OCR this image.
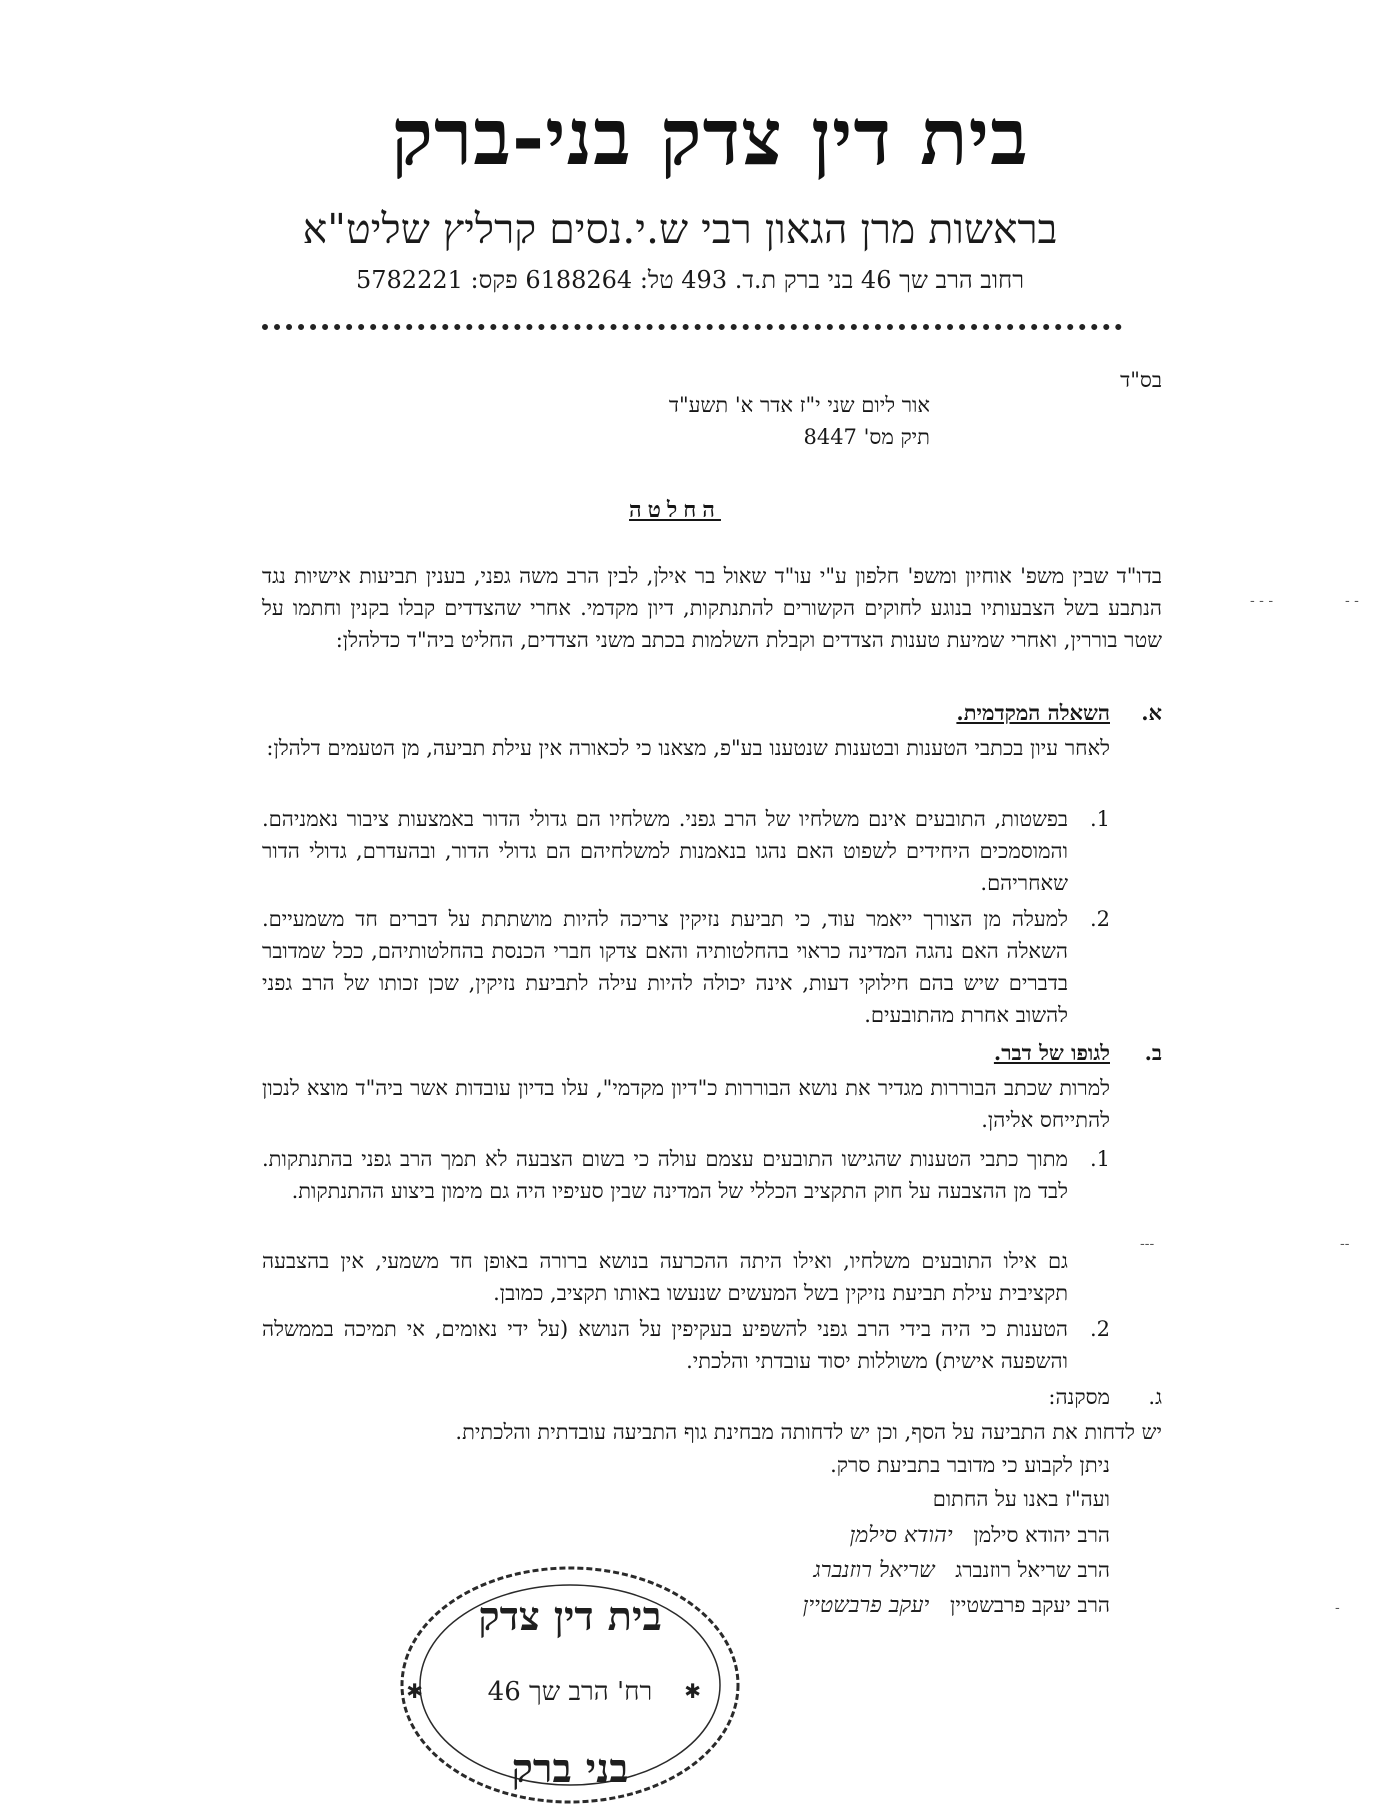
בית דין צדק בני-ברק
בראשות מרן הגאון רבי ש.י.נסים קרליץ שליט"א
רחוב הרב שך 46 בני ברק ת.ד. 493 טל: 6188264 פקס: 5782221
בס"ד
אור ליום שני י"ז אדר א' תשע"ד
תיק מס' 8447
החלטה
בדו"ד שבין משפ' אוחיון ומשפ' חלפון ע"י עו"ד שאול בר אילן, לבין הרב משה גפני, בענין תביעות אישיות נגד הנתבע בשל הצבעותיו בנוגע לחוקים הקשורים להתנתקות, דיון מקדמי. אחרי שהצדדים קבלו בקנין וחתמו על שטר בוררין, ואחרי שמיעת טענות הצדדים וקבלת השלמות בכתב משני הצדדים, החליט ביה"ד כדלהלן:
א.
השאלה המקדמית.
לאחר עיון בכתבי הטענות ובטענות שנטענו בע"פ, מצאנו כי לכאורה אין עילת תביעה, מן הטעמים דלהלן:
1.
בפשטות, התובעים אינם משלחיו של הרב גפני. משלחיו הם גדולי הדור באמצעות ציבור נאמניהם. והמוסמכים היחידים לשפוט האם נהגו בנאמנות למשלחיהם הם גדולי הדור, ובהעדרם, גדולי הדור שאחריהם.
2.
למעלה מן הצורך ייאמר עוד, כי תביעת נזיקין צריכה להיות מושתתת על דברים חד משמעיים. השאלה האם נהגה המדינה כראוי בהחלטותיה והאם צדקו חברי הכנסת בהחלטותיהם, ככל שמדובר בדברים שיש בהם חילוקי דעות, אינה יכולה להיות עילה לתביעת נזיקין, שכן זכותו של הרב גפני להשוב אחרת מהתובעים.
ב.
לגופו של דבר.
למרות שכתב הבוררות מגדיר את נושא הבוררות כ"דיון מקדמי", עלו בדיון עובדות אשר ביה"ד מוצא לנכון להתייחס אליהן.
1.
מתוך כתבי הטענות שהגישו התובעים עצמם עולה כי בשום הצבעה לא תמך הרב גפני בהתנתקות. לבד מן ההצבעה על חוק התקציב הכללי של המדינה שבין סעיפיו היה גם מימון ביצוע ההתנתקות.
גם אילו התובעים משלחיו, ואילו היתה ההכרעה בנושא ברורה באופן חד משמעי, אין בהצבעה תקציבית עילת תביעת נזיקין בשל המעשים שנעשו באותו תקציב, כמובן.
2.
הטענות כי היה בידי הרב גפני להשפיע בעקיפין על הנושא (על ידי נאומים, אי תמיכה בממשלה והשפעה אישית) משוללות יסוד עובדתי והלכתי.
ג.
מסקנה:
יש לדחות את התביעה על הסף, וכן יש לדחותה מבחינת גוף התביעה עובדתית והלכתית.
ניתן לקבוע כי מדובר בתביעת סרק.
ועה"ז באנו על החתום
הרב יהודא סילמן יהודא סילמן
הרב שריאל רוזנברג שריאל רוזנברג
הרב יעקב פרבשטיין יעקב פרבשטיין
בית דין צדק
רח' הרב שך 46
✱	✱
בני ברק
‐ ‐ ‐	‐ ‐
‐‐‐	‐‐
‐
